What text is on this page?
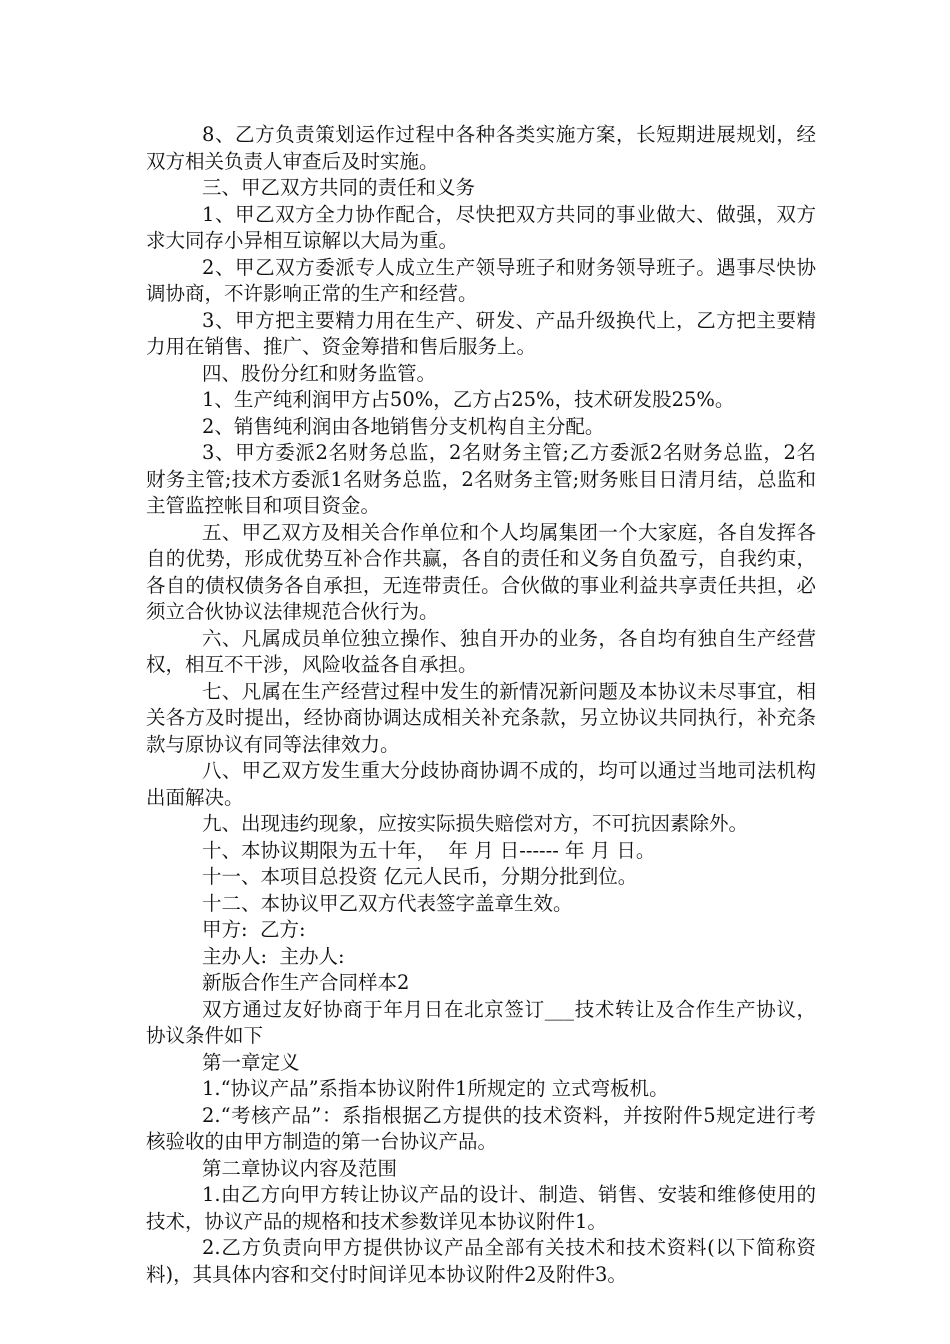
8、乙方负责策划运作过程中各种各类实施方案，长短期进展规划，经双方相关负责人审查后及时实施。

三、甲乙双方共同的责任和义务

1、甲乙双方全力协作配合，尽快把双方共同的事业做大、做强，双方求大同存小异相互谅解以大局为重。

2、甲乙双方委派专人成立生产领导班子和财务领导班子。遇事尽快协调协商，不许影响正常的生产和经营。

3、甲方把主要精力用在生产、研发、产品升级换代上，乙方把主要精力用在销售、推广、资金筹措和售后服务上。

四、股份分红和财务监管。

1、生产纯利润甲方占50%，乙方占25%，技术研发股25%。

2、销售纯利润由各地销售分支机构自主分配。

3、甲方委派2名财务总监，2名财务主管;乙方委派2名财务总监，2名财务主管;技术方委派1名财务总监，2名财务主管;财务账目日清月结，总监和主管监控帐目和项目资金。

五、甲乙双方及相关合作单位和个人均属集团一个大家庭，各自发挥各自的优势，形成优势互补合作共赢，各自的责任和义务自负盈亏，自我约束，各自的债权债务各自承担，无连带责任。合伙做的事业利益共享责任共担，必须立合伙协议法律规范合伙行为。

六、凡属成员单位独立操作、独自开办的业务，各自均有独自生产经营权，相互不干涉，风险收益各自承担。

七、凡属在生产经营过程中发生的新情况新问题及本协议未尽事宜，相关各方及时提出，经协商协调达成相关补充条款，另立协议共同执行，补充条款与原协议有同等法律效力。

八、甲乙双方发生重大分歧协商协调不成的，均可以通过当地司法机构出面解决。

九、出现违约现象，应按实际损失赔偿对方，不可抗因素除外。

十、本协议期限为五十年，  年 月 日------ 年 月 日。

十一、本项目总投资 亿元人民币，分期分批到位。

十二、本协议甲乙双方代表签字盖章生效。

甲方:  乙方:

主办人:  主办人:

新版合作生产合同样本2

双方通过友好协商于年月日在北京签订___技术转让及合作生产协议，协议条件如下

第一章定义

1.“协议产品”系指本协议附件1所规定的 立式弯板机。

2.“考核产品”：系指根据乙方提供的技术资料，并按附件5规定进行考核验收的由甲方制造的第一台协议产品。

第二章协议内容及范围

1.由乙方向甲方转让协议产品的设计、制造、销售、安装和维修使用的技术，协议产品的规格和技术参数详见本协议附件1。

2.乙方负责向甲方提供协议产品全部有关技术和技术资料(以下简称资料)，其具体内容和交付时间详见本协议附件2及附件3。
